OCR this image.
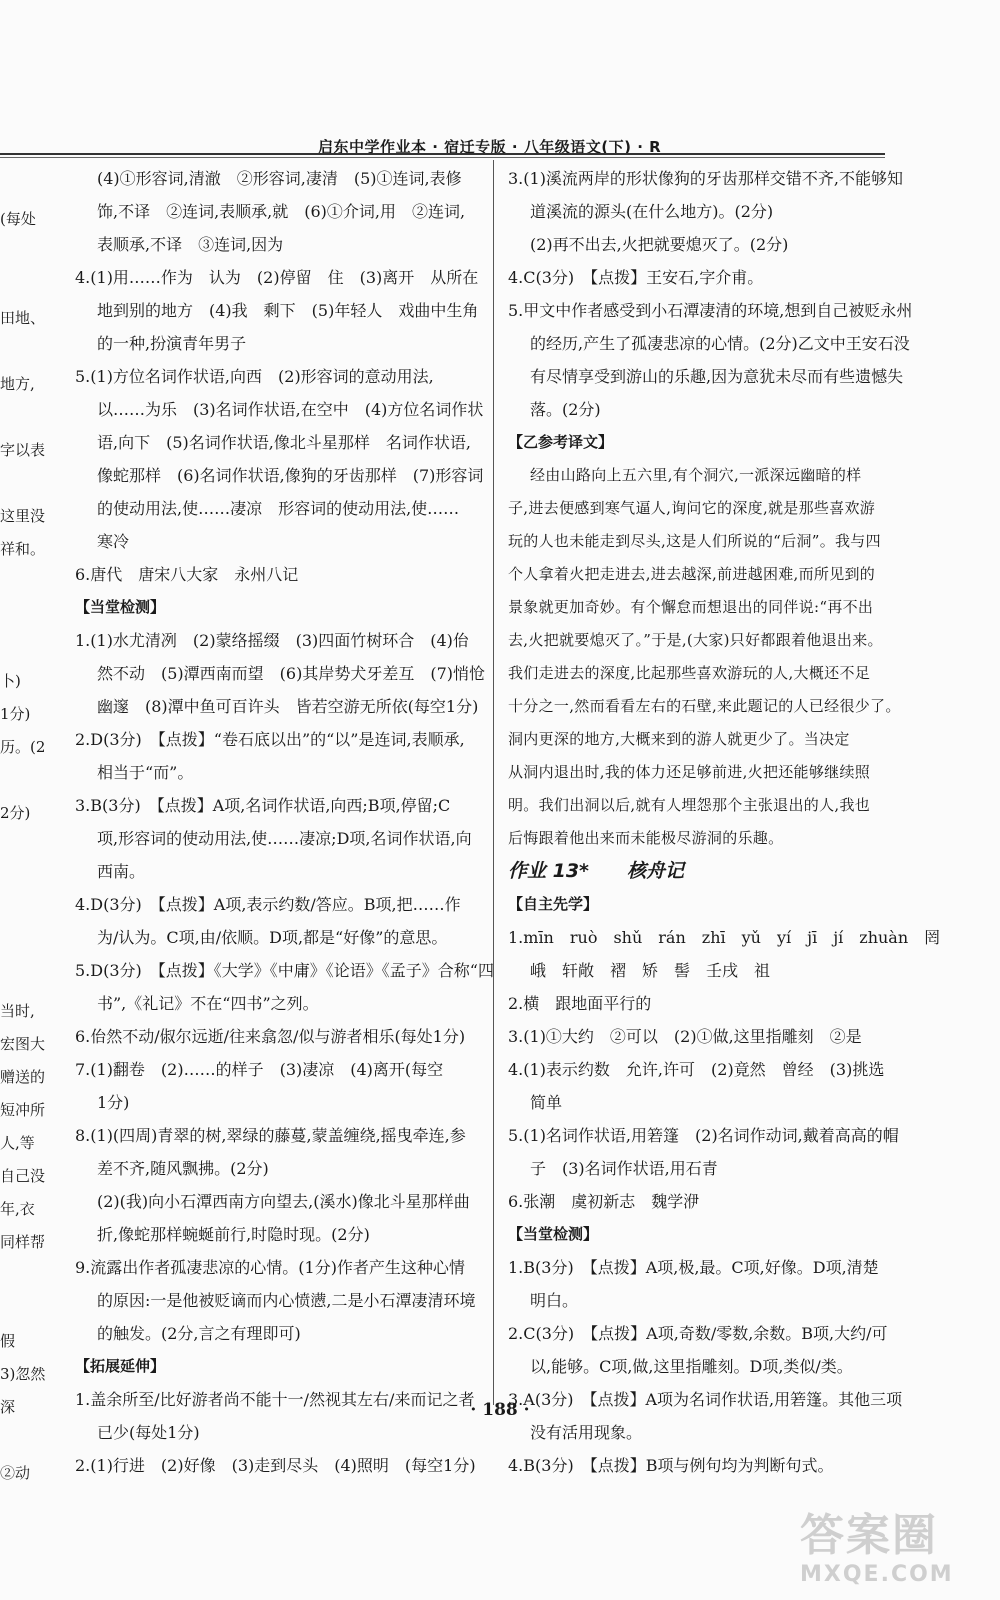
启东中学作业本 · 宿迁专版 · 八年级语文(下) · R
(每处
田地、
地方,
字以表
这里没
祥和。
卜)
1分)
历。(2
2分)
当时,
宏图大
赠送的
短冲所
人,等
自己没
年,衣
同样帮
假
3)忽然
深
②动
(4)①形容词,清澈　②形容词,凄清　(5)①连词,表修
饰,不译　②连词,表顺承,就　(6)①介词,用　②连词,
表顺承,不译　③连词,因为
4.(1)用……作为　认为　(2)停留　住　(3)离开　从所在
地到别的地方　(4)我　剩下　(5)年轻人　戏曲中生角
的一种,扮演青年男子
5.(1)方位名词作状语,向西　(2)形容词的意动用法,
以……为乐　(3)名词作状语,在空中　(4)方位名词作状
语,向下　(5)名词作状语,像北斗星那样　名词作状语,
像蛇那样　(6)名词作状语,像狗的牙齿那样　(7)形容词
的使动用法,使……凄凉　形容词的使动用法,使……
寒冷
6.唐代　唐宋八大家　永州八记
【当堂检测】
1.(1)水尤清冽　(2)蒙络摇缀　(3)四面竹树环合　(4)佁
然不动　(5)潭西南而望　(6)其岸势犬牙差互　(7)悄怆
幽邃　(8)潭中鱼可百许头　皆若空游无所依(每空1分)
2.D(3分)　【点拨】“卷石底以出”的“以”是连词,表顺承,
相当于“而”。
3.B(3分)　【点拨】A项,名词作状语,向西;B项,停留;C
项,形容词的使动用法,使……凄凉;D项,名词作状语,向
西南。
4.D(3分)　【点拨】A项,表示约数/答应。B项,把……作
为/认为。C项,由/依顺。D项,都是“好像”的意思。
5.D(3分)　【点拨】《大学》《中庸》《论语》《孟子》合称“四
书”,《礼记》不在“四书”之列。
6.佁然不动/俶尔远逝/往来翕忽/似与游者相乐(每处1分)
7.(1)翻卷　(2)……的样子　(3)凄凉　(4)离开(每空
1分)
8.(1)(四周)青翠的树,翠绿的藤蔓,蒙盖缠绕,摇曳牵连,参
差不齐,随风飘拂。(2分)
(2)(我)向小石潭西南方向望去,(溪水)像北斗星那样曲
折,像蛇那样蜿蜒前行,时隐时现。(2分)
9.流露出作者孤凄悲凉的心情。(1分)作者产生这种心情
的原因:一是他被贬谪而内心愤懑,二是小石潭凄清环境
的触发。(2分,言之有理即可)
【拓展延伸】
1.盖余所至/比好游者尚不能十一/然视其左右/来而记之者
已少(每处1分)
2.(1)行进　(2)好像　(3)走到尽头　(4)照明　(每空1分)
3.(1)溪流两岸的形状像狗的牙齿那样交错不齐,不能够知
道溪流的源头(在什么地方)。(2分)
(2)再不出去,火把就要熄灭了。(2分)
4.C(3分)　【点拨】王安石,字介甫。
5.甲文中作者感受到小石潭凄清的环境,想到自己被贬永州
的经历,产生了孤凄悲凉的心情。(2分)乙文中王安石没
有尽情享受到游山的乐趣,因为意犹未尽而有些遗憾失
落。(2分)
【乙参考译文】
经由山路向上五六里,有个洞穴,一派深远幽暗的样
子,进去便感到寒气逼人,询问它的深度,就是那些喜欢游
玩的人也未能走到尽头,这是人们所说的“后洞”。我与四
个人拿着火把走进去,进去越深,前进越困难,而所见到的
景象就更加奇妙。有个懈怠而想退出的同伴说:“再不出
去,火把就要熄灭了。”于是,(大家)只好都跟着他退出来。
我们走进去的深度,比起那些喜欢游玩的人,大概还不足
十分之一,然而看看左右的石壁,来此题记的人已经很少了。
洞内更深的地方,大概来到的游人就更少了。当决定
从洞内退出时,我的体力还足够前进,火把还能够继续照
明。我们出洞以后,就有人埋怨那个主张退出的人,我也
后悔跟着他出来而未能极尽游洞的乐趣。
作业 13*　　核舟记
【自主先学】
1.mīn　ruò　shǔ　rán　zhī　yǔ　yí　jī　jí　zhuàn　罔
峨　轩敞　褶　矫　髻　壬戌　祖
2.横　跟地面平行的
3.(1)①大约　②可以　(2)①做,这里指雕刻　②是
4.(1)表示约数　允许,许可　(2)竟然　曾经　(3)挑选
简单
5.(1)名词作状语,用箬篷　(2)名词作动词,戴着高高的帽
子　(3)名词作状语,用石青
6.张潮　虞初新志　魏学洢
【当堂检测】
1.B(3分)　【点拨】A项,极,最。C项,好像。D项,清楚
明白。
2.C(3分)　【点拨】A项,奇数/零数,余数。B项,大约/可
以,能够。C项,做,这里指雕刻。D项,类似/类。
3.A(3分)　【点拨】A项为名词作状语,用箬篷。其他三项
没有活用现象。
4.B(3分)　【点拨】B项与例句均为判断句式。
· 188 ·
答案圈
MXQE.COM
